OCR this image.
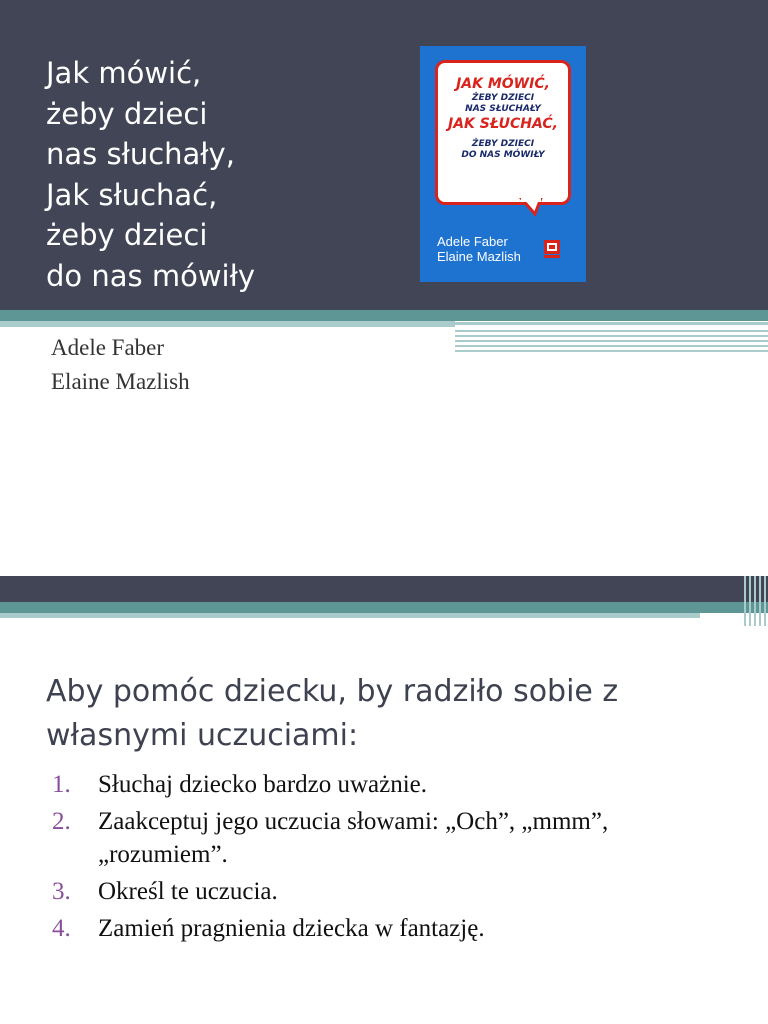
Jak mówić,
żeby dzieci
nas słuchały,
Jak słuchać,
żeby dzieci
do nas mówiły
JAK MÓWIĆ,
ŻEBY DZIECI
NAS SŁUCHAŁY
JAK SŁUCHAĆ,
ŻEBY DZIECI
DO NAS MÓWIŁY
Adele Faber
Elaine Mazlish
Adele Faber
Elaine Mazlish
Aby pomóc dziecku, by radziło sobie z własnymi uczuciami:
1.	Słuchaj dziecko bardzo uważnie.
2.	Zaakceptuj jego uczucia słowami: „Och”, „mmm”, „rozumiem”.
3.	Określ te uczucia.
4.	Zamień pragnienia dziecka w fantazję.
